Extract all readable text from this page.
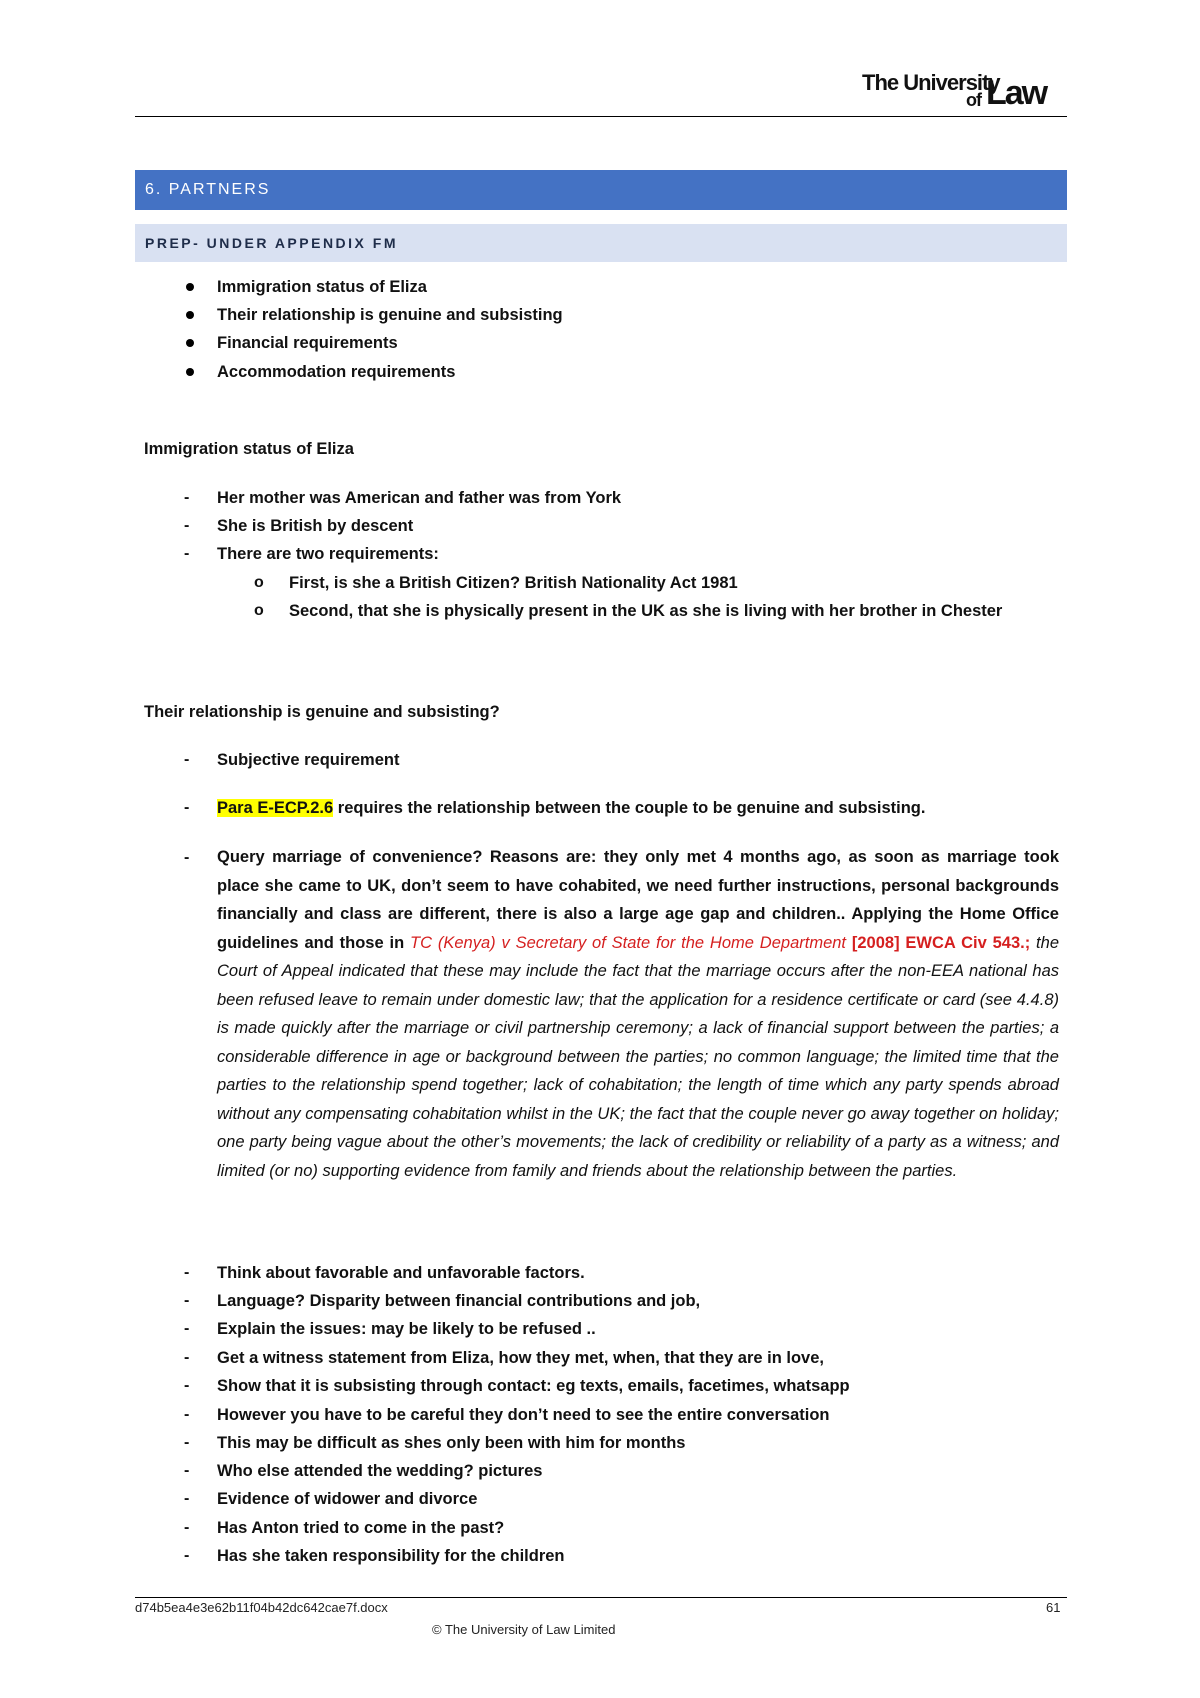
The University
of Law
6. PARTNERS
PREP- UNDER APPENDIX FM
Immigration status of Eliza
Their relationship is genuine and subsisting
Financial requirements
Accommodation requirements
Immigration status of Eliza
- Her mother was American and father was from York
- She is British by descent
- There are two requirements:
o First, is she a British Citizen? British Nationality Act 1981
o Second, that she is physically present in the UK as she is living with her brother in Chester
Their relationship is genuine and subsisting?
- Subjective requirement
- Para E-ECP.2.6 requires the relationship between the couple to be genuine and subsisting.
- Query marriage of convenience? Reasons are: they only met 4 months ago, as soon as marriage took place she came to UK, don’t seem to have cohabited, we need further instructions, personal backgrounds financially and class are different, there is also a large age gap and children.. Applying the Home Office guidelines and those in TC (Kenya) v Secretary of State for the Home Department [2008] EWCA Civ 543.; the Court of Appeal indicated that these may include the fact that the marriage occurs after the non-EEA national has been refused leave to remain under domestic law; that the application for a residence certificate or card (see 4.4.8) is made quickly after the marriage or civil partnership ceremony; a lack of financial support between the parties; a considerable difference in age or background between the parties; no common language; the limited time that the parties to the relationship spend together; lack of cohabitation; the length of time which any party spends abroad without any compensating cohabitation whilst in the UK; the fact that the couple never go away together on holiday; one party being vague about the other’s movements; the lack of credibility or reliability of a party as a witness; and limited (or no) supporting evidence from family and friends about the relationship between the parties.
- Think about favorable and unfavorable factors.
- Language? Disparity between financial contributions and job,
- Explain the issues: may be likely to be refused ..
- Get a witness statement from Eliza, how they met, when, that they are in love,
- Show that it is subsisting through contact: eg texts, emails, facetimes, whatsapp
- However you have to be careful they don’t need to see the entire conversation
- This may be difficult as shes only been with him for months
- Who else attended the wedding? pictures
- Evidence of widower and divorce
- Has Anton tried to come in the past?
- Has she taken responsibility for the children
d74b5ea4e3e62b11f04b42dc642cae7f.docx	61
© The University of Law Limited
